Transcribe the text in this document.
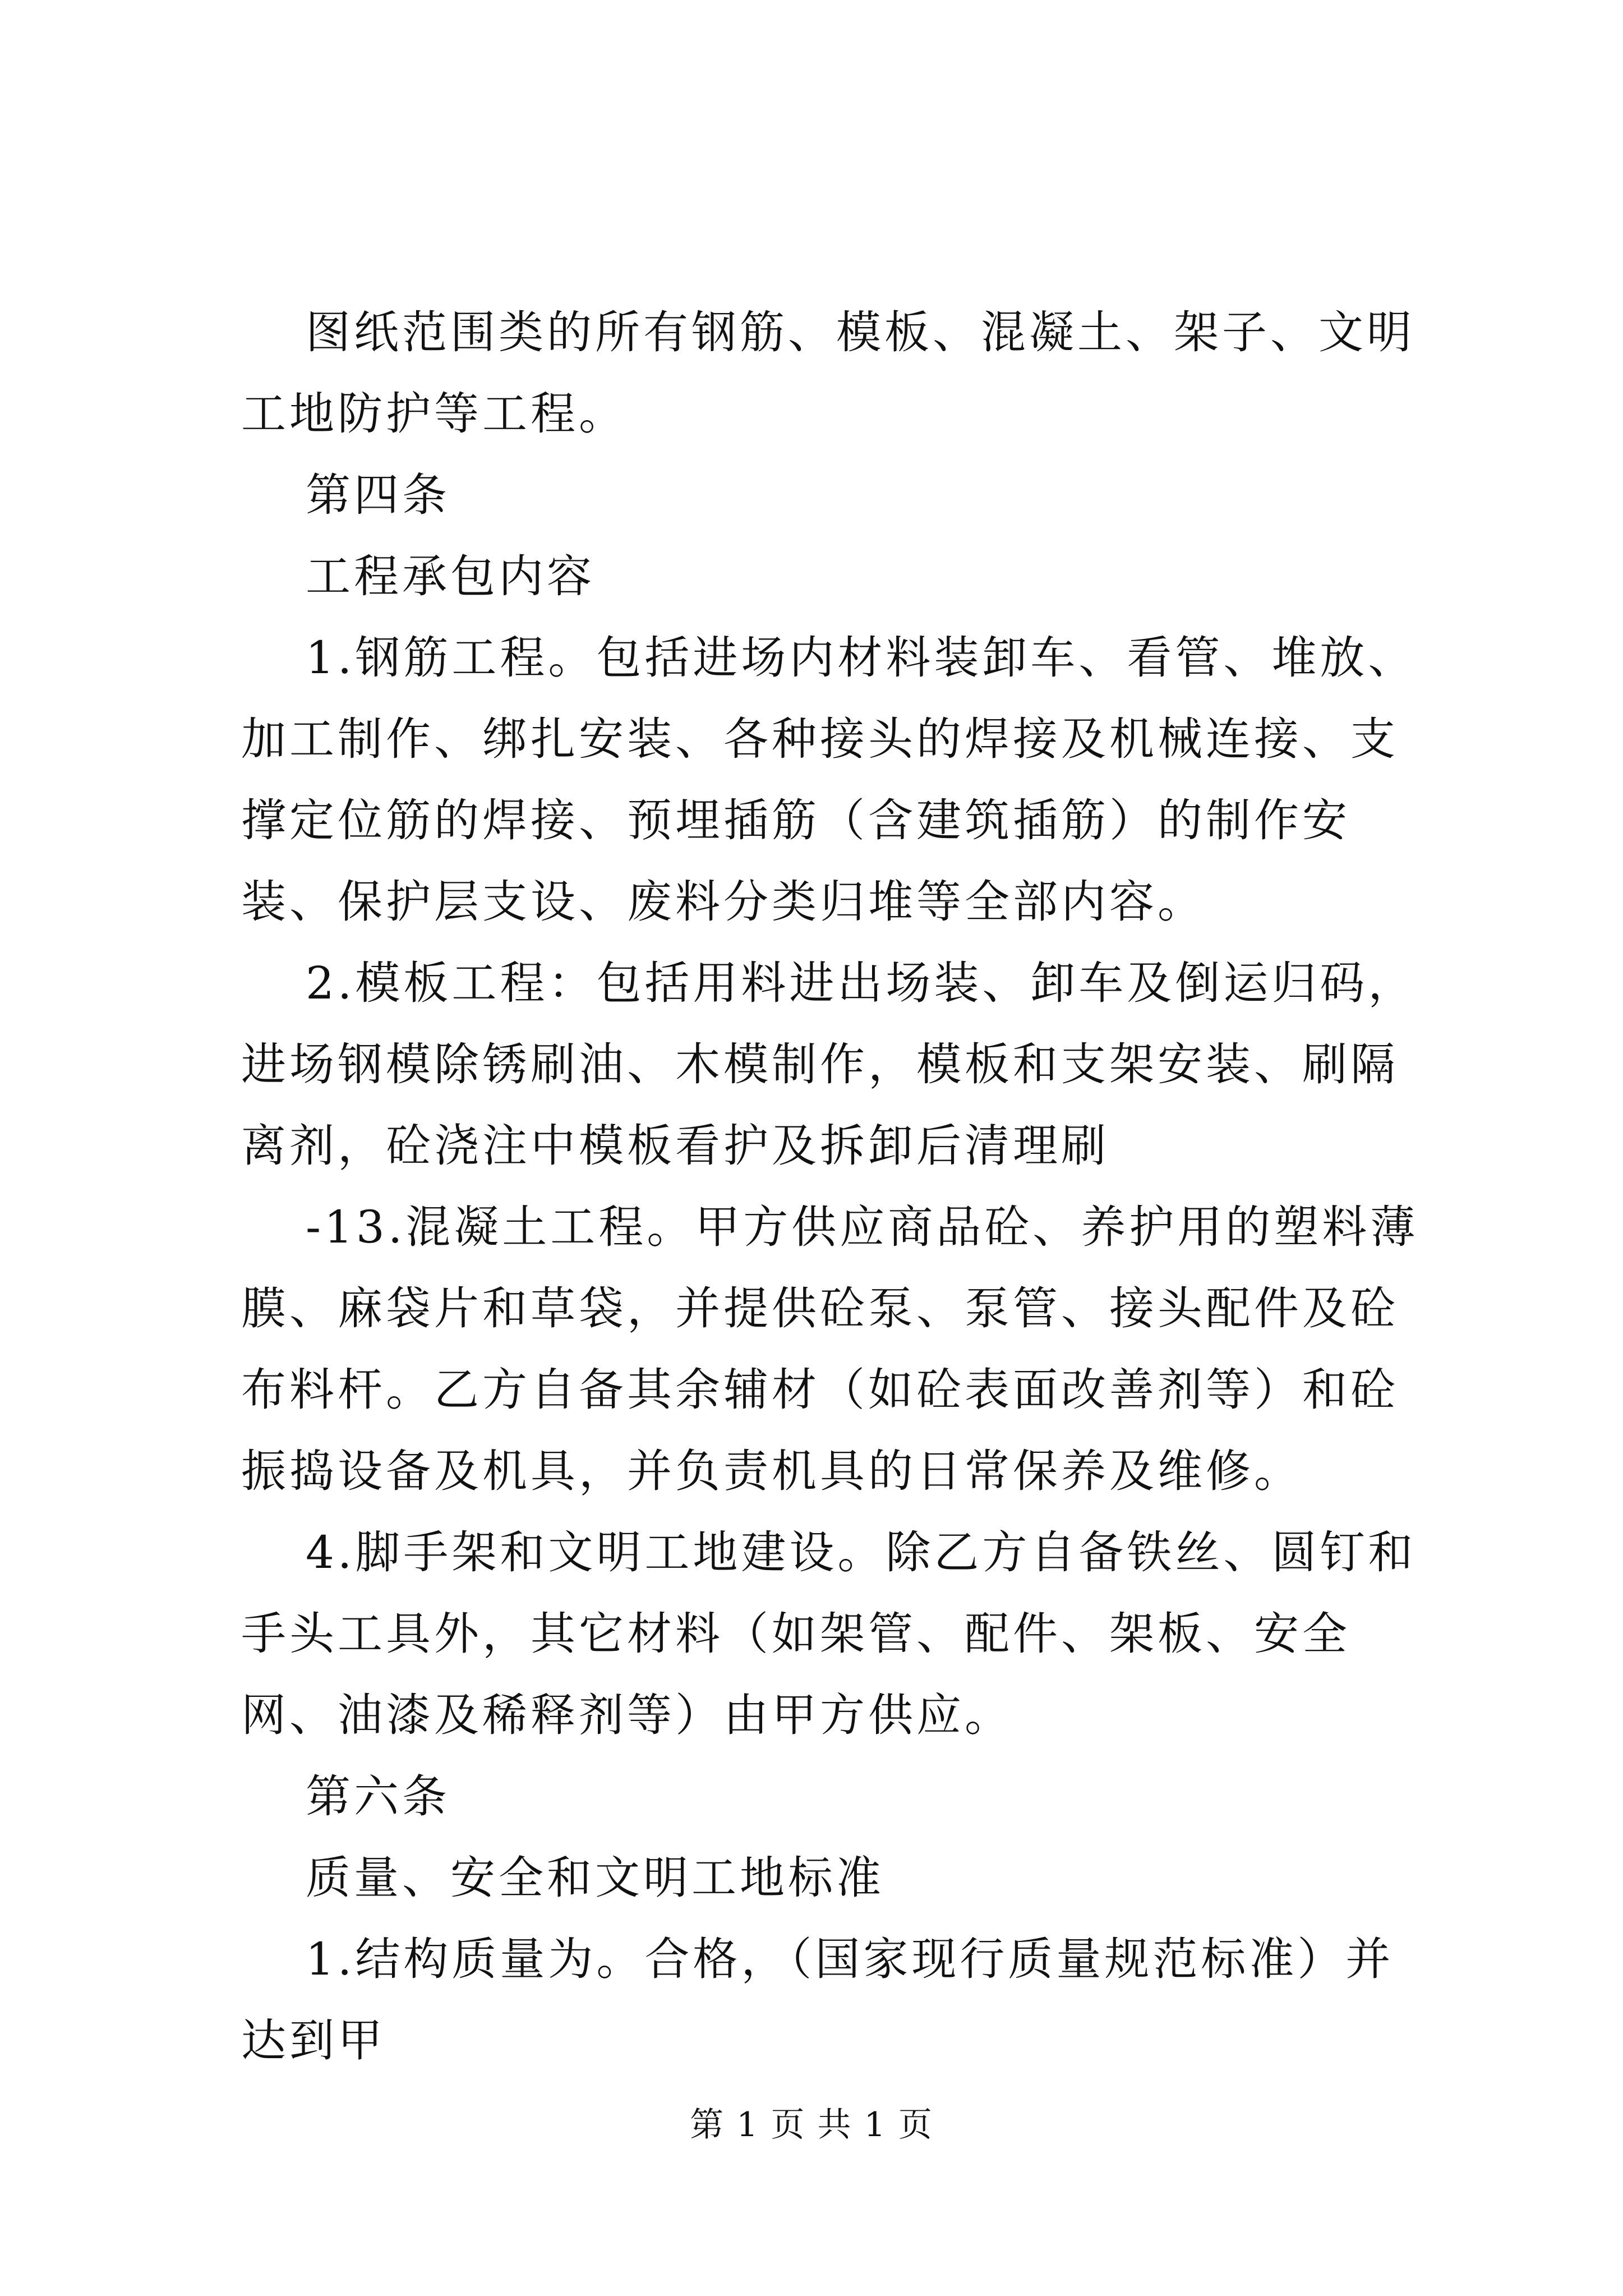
图纸范围类的所有钢筋、模板、混凝土、架子、文明工地防护等工程。

第四条

工程承包内容

1.钢筋工程。包括进场内材料装卸车、看管、堆放、加工制作、绑扎安装、各种接头的焊接及机械连接、支撑定位筋的焊接、预埋插筋（含建筑插筋）的制作安装、保护层支设、废料分类归堆等全部内容。

2.模板工程：包括用料进出场装、卸车及倒运归码，进场钢模除锈刷油、木模制作，模板和支架安装、刷隔离剂，砼浇注中模板看护及拆卸后清理刷

-13.混凝土工程。甲方供应商品砼、养护用的塑料薄膜、麻袋片和草袋，并提供砼泵、泵管、接头配件及砼布料杆。乙方自备其余辅材（如砼表面改善剂等）和砼振捣设备及机具，并负责机具的日常保养及维修。

4.脚手架和文明工地建设。除乙方自备铁丝、圆钉和手头工具外，其它材料（如架管、配件、架板、安全网、油漆及稀释剂等）由甲方供应。

第六条

质量、安全和文明工地标准

1.结构质量为。合格，（国家现行质量规范标准）并达到甲

第 1 页 共 1 页
